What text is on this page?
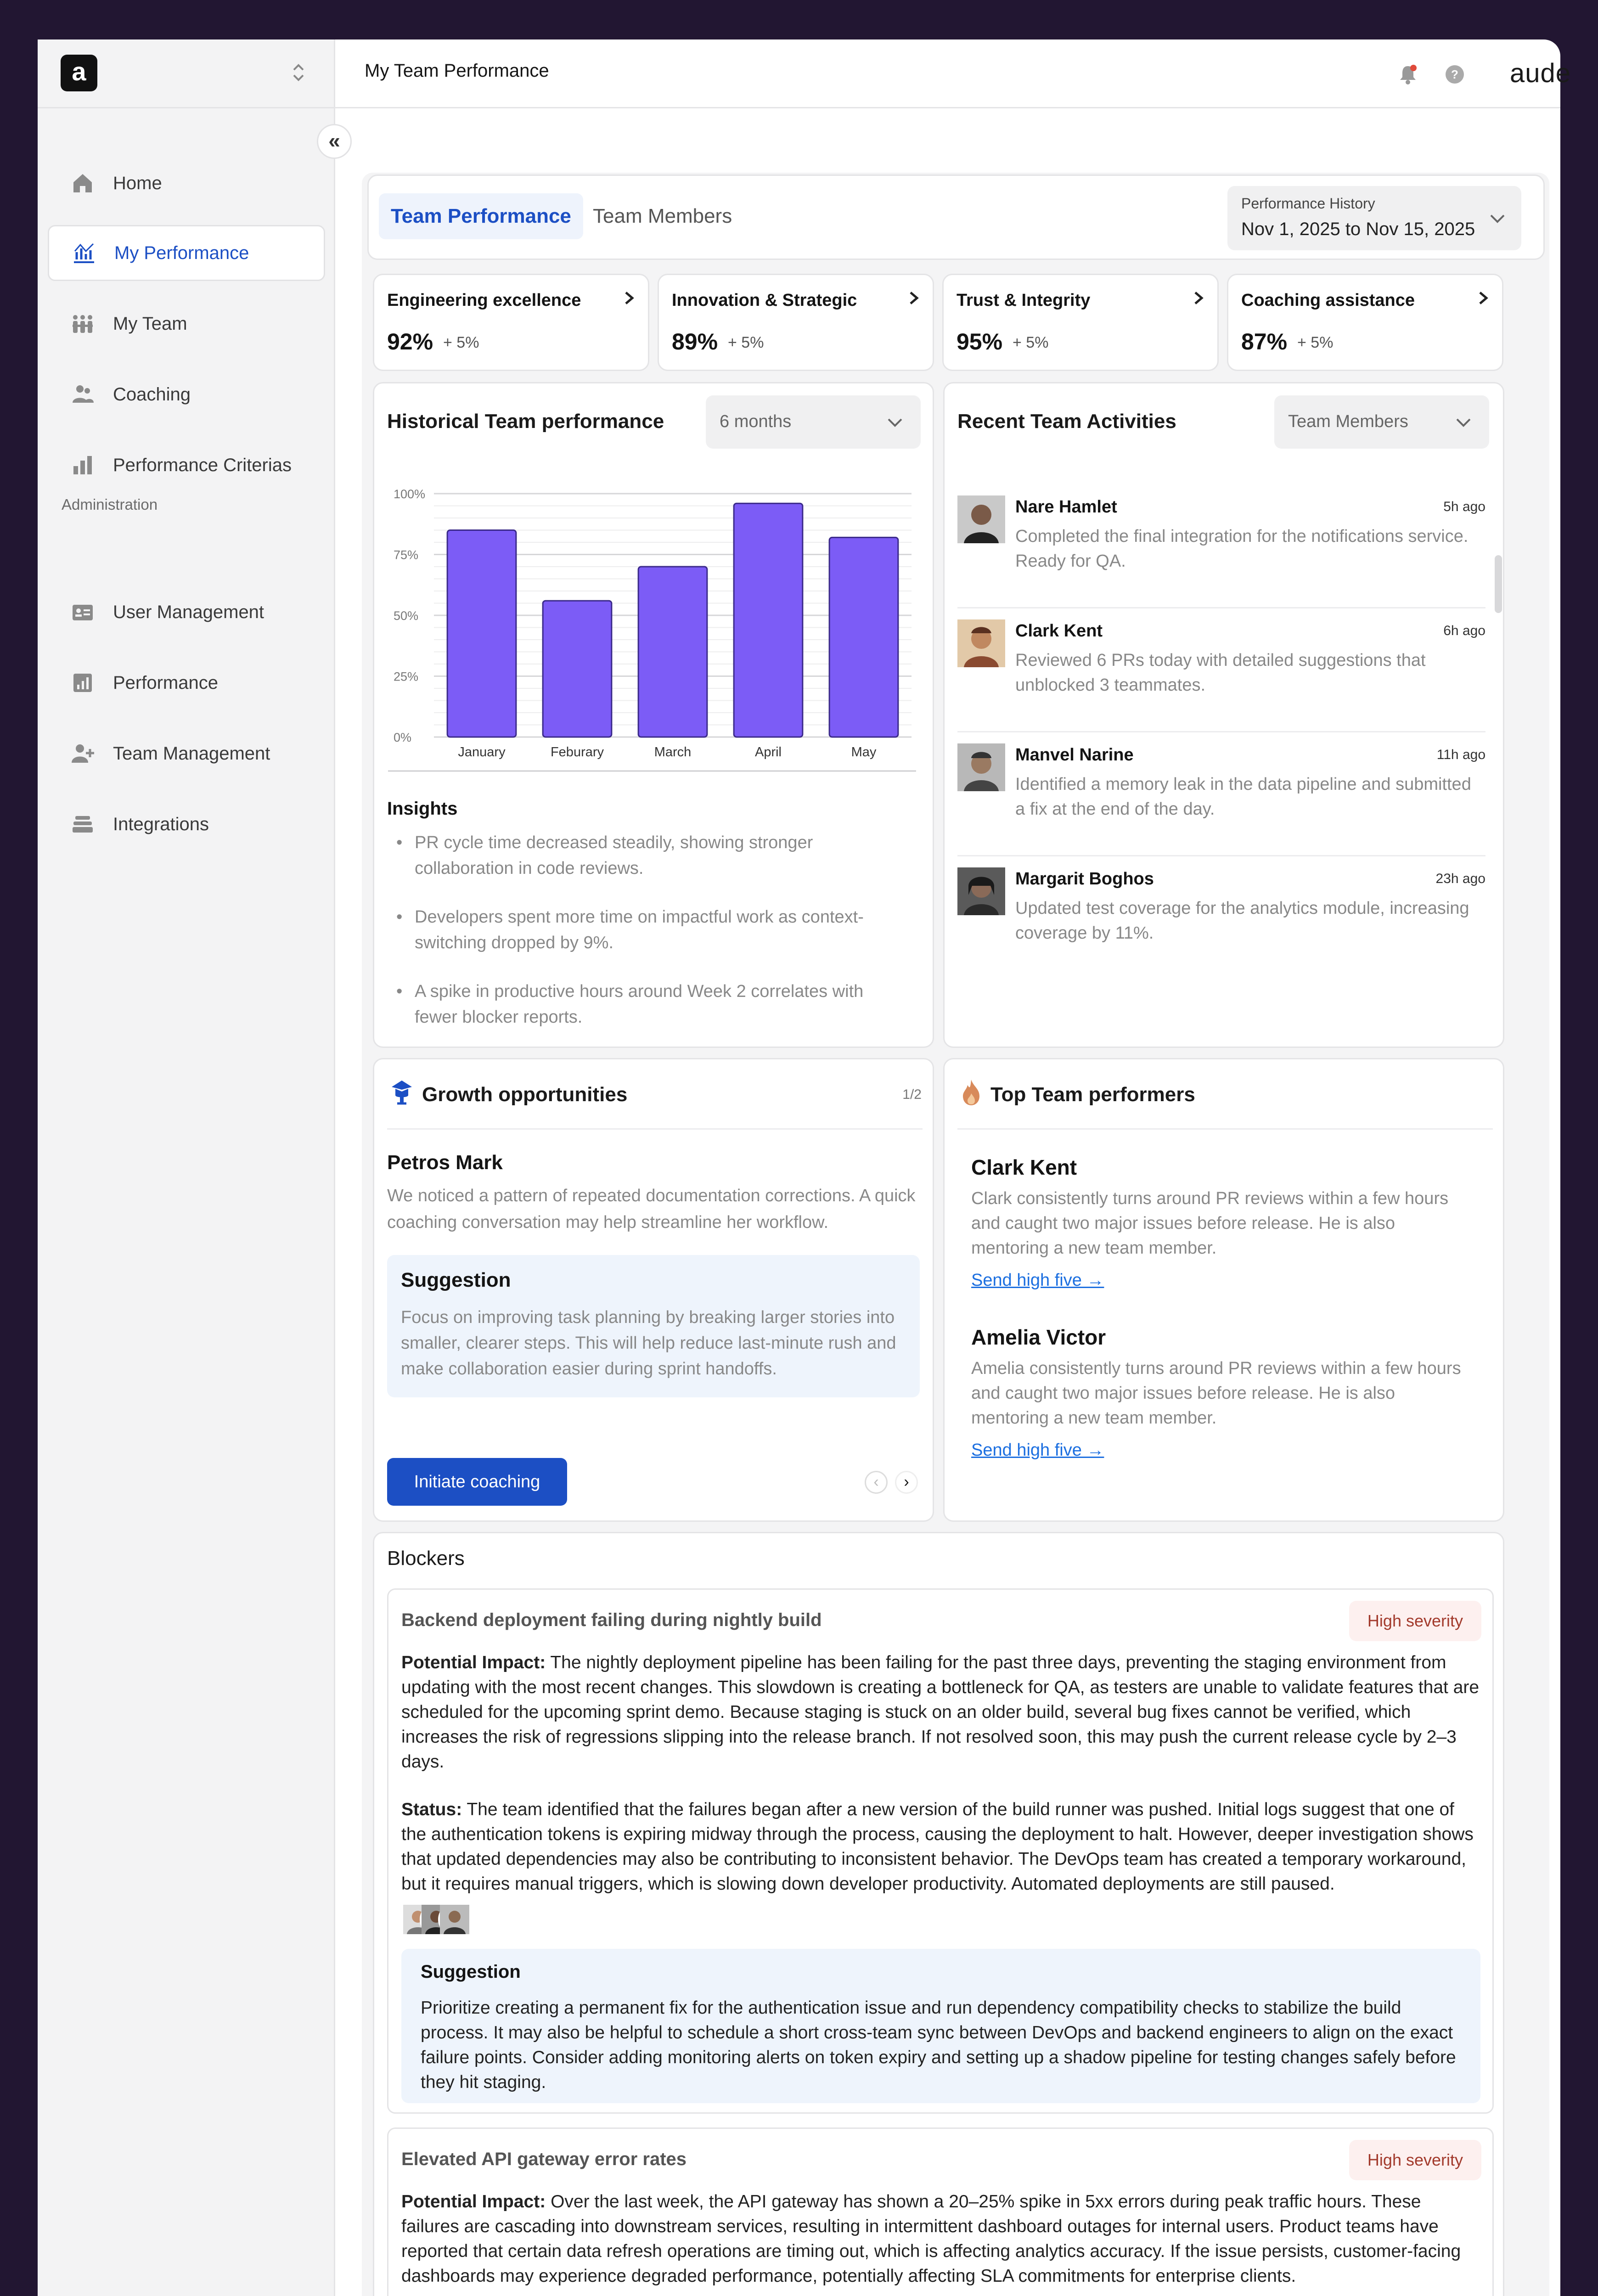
a
Home
My Performance
My Team
Coaching
Performance Criterias
Administration
User Management
Performance
Team Management
Integrations
«
My Team Performance	? aude
Team Performance	Team Members
Performance History
Nov 1, 2025 to Nov 15, 2025
Engineering excellence
92% + 5%
Innovation & Strategic
89% + 5%
Trust & Integrity
95% + 5%
Coaching assistance
87% + 5%
Historical Team performance	6 months
0%
25%
50%
75%
100%
January	Feburary	March	April	May
Insights
• PR cycle time decreased steadily, showing stronger collaboration in code reviews.
• Developers spent more time on impactful work as context-switching dropped by 9%.
• A spike in productive hours around Week 2 correlates with fewer blocker reports.
Recent Team Activities	Team Members
Nare Hamlet	5h ago
Completed the final integration for the notifications service. Ready for QA.
Clark Kent	6h ago
Reviewed 6 PRs today with detailed suggestions that unblocked 3 teammates.
Manvel Narine	11h ago
Identified a memory leak in the data pipeline and submitted a fix at the end of the day.
Margarit Boghos	23h ago
Updated test coverage for the analytics module, increasing coverage by 11%.
Growth opportunities	1/2
Petros Mark
We noticed a pattern of repeated documentation corrections. A quick coaching conversation may help streamline her workflow.
Suggestion
Focus on improving task planning by breaking larger stories into smaller, clearer steps. This will help reduce last-minute rush and make collaboration easier during sprint handoffs.
Initiate coaching	‹	›
Top Team performers
Clark Kent
Clark consistently turns around PR reviews within a few hours and caught two major issues before release. He is also mentoring a new team member.
Send high five →
Amelia Victor
Amelia consistently turns around PR reviews within a few hours and caught two major issues before release. He is also mentoring a new team member.
Send high five →
Blockers
Backend deployment failing during nightly build	High severity
Potential Impact: The nightly deployment pipeline has been failing for the past three days, preventing the staging environment from updating with the most recent changes. This slowdown is creating a bottleneck for QA, as testers are unable to validate features that are scheduled for the upcoming sprint demo. Because staging is stuck on an older build, several bug fixes cannot be verified, which increases the risk of regressions slipping into the release branch. If not resolved soon, this may push the current release cycle by 2–3 days.
Status: The team identified that the failures began after a new version of the build runner was pushed. Initial logs suggest that one of the authentication tokens is expiring midway through the process, causing the deployment to halt. However, deeper investigation shows that updated dependencies may also be contributing to inconsistent behavior. The DevOps team has created a temporary workaround, but it requires manual triggers, which is slowing down developer productivity. Automated deployments are still paused.
Suggestion
Prioritize creating a permanent fix for the authentication issue and run dependency compatibility checks to stabilize the build process. It may also be helpful to schedule a short cross-team sync between DevOps and backend engineers to align on the exact failure points. Consider adding monitoring alerts on token expiry and setting up a shadow pipeline for testing changes safely before they hit staging.
Elevated API gateway error rates	High severity
Potential Impact: Over the last week, the API gateway has shown a 20–25% spike in 5xx errors during peak traffic hours. These failures are cascading into downstream services, resulting in intermittent dashboard outages for internal users. Product teams have reported that certain data refresh operations are timing out, which is affecting analytics accuracy. If the issue persists, customer-facing dashboards may experience degraded performance, potentially affecting SLA commitments for enterprise clients.
